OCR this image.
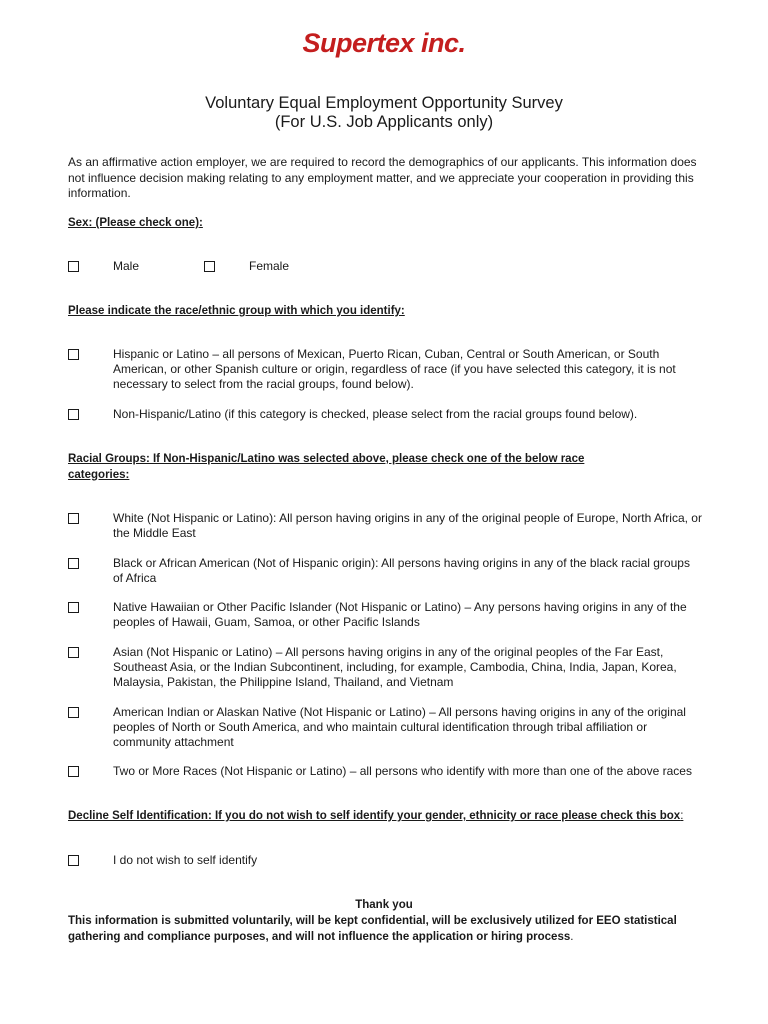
Supertex inc.
Voluntary Equal Employment Opportunity Survey
(For U.S. Job Applicants only)
As an affirmative action employer, we are required to record the demographics of our applicants. This information does not influence decision making relating to any employment matter, and we appreciate your cooperation in providing this information.
Sex: (Please check one):
Male	Female
Please indicate the race/ethnic group with which you identify:
Hispanic or Latino – all persons of Mexican, Puerto Rican, Cuban, Central or South American, or South American, or other Spanish culture or origin, regardless of race (if you have selected this category, it is not necessary to select from the racial groups, found below).
Non-Hispanic/Latino (if this category is checked, please select from the racial groups found below).
Racial Groups: If Non-Hispanic/Latino was selected above, please check one of the below race categories:
White (Not Hispanic or Latino): All person having origins in any of the original people of Europe, North Africa, or the Middle East
Black or African American (Not of Hispanic origin): All persons having origins in any of the black racial groups of Africa
Native Hawaiian or Other Pacific Islander (Not Hispanic or Latino) – Any persons having origins in any of the peoples of Hawaii, Guam, Samoa, or other Pacific Islands
Asian (Not Hispanic or Latino) – All persons having origins in any of the original peoples of the Far East, Southeast Asia, or the Indian Subcontinent, including, for example, Cambodia, China, India, Japan, Korea, Malaysia, Pakistan, the Philippine Island, Thailand, and Vietnam
American Indian or Alaskan Native (Not Hispanic or Latino) – All persons having origins in any of the original peoples of North or South America, and who maintain cultural identification through tribal affiliation or community attachment
Two or More Races (Not Hispanic or Latino) – all persons who identify with more than one of the above races
Decline Self Identification: If you do not wish to self identify your gender, ethnicity or race please check this box:
I do not wish to self identify
Thank you
This information is submitted voluntarily, will be kept confidential, will be exclusively utilized for EEO statistical gathering and compliance purposes, and will not influence the application or hiring process.
